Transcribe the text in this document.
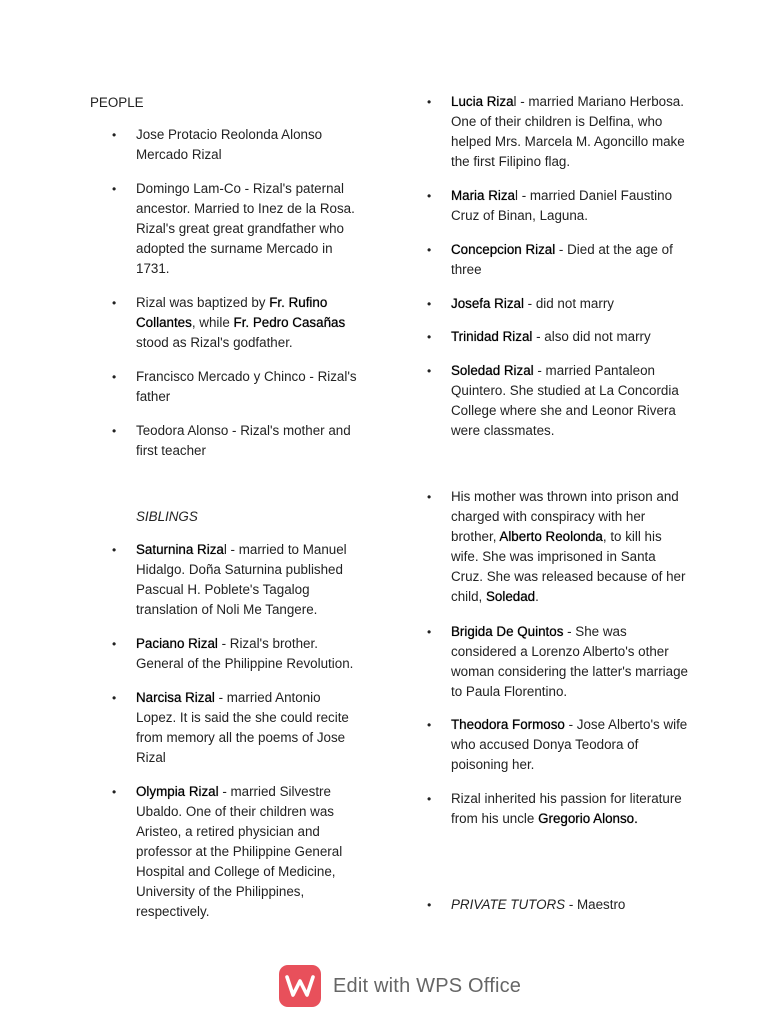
PEOPLE
• Jose Protacio Reolonda Alonso Mercado Rizal
• Domingo Lam-Co - Rizal's paternal ancestor. Married to Inez de la Rosa. Rizal's great great grandfather who adopted the surname Mercado in 1731.
• Rizal was baptized by Fr. Rufino Collantes, while Fr. Pedro Casañas stood as Rizal's godfather.
• Francisco Mercado y Chinco - Rizal's father
• Teodora Alonso - Rizal's mother and first teacher
SIBLINGS
• Saturnina Rizal - married to Manuel Hidalgo. Doña Saturnina published Pascual H. Poblete's Tagalog translation of Noli Me Tangere.
• Paciano Rizal - Rizal's brother. General of the Philippine Revolution.
• Narcisa Rizal - married Antonio Lopez. It is said the she could recite from memory all the poems of Jose Rizal
• Olympia Rizal - married Silvestre Ubaldo. One of their children was Aristeo, a retired physician and professor at the Philippine General Hospital and College of Medicine, University of the Philippines, respectively.
• Lucia Rizal - married Mariano Herbosa. One of their children is Delfina, who helped Mrs. Marcela M. Agoncillo make the first Filipino flag.
• Maria Rizal - married Daniel Faustino Cruz of Binan, Laguna.
• Concepcion Rizal - Died at the age of three
• Josefa Rizal - did not marry
• Trinidad Rizal - also did not marry
• Soledad Rizal - married Pantaleon Quintero. She studied at La Concordia College where she and Leonor Rivera were classmates.
• His mother was thrown into prison and charged with conspiracy with her brother, Alberto Reolonda, to kill his wife. She was imprisoned in Santa Cruz. She was released because of her child, Soledad.
• Brigida De Quintos - She was considered a Lorenzo Alberto's other woman considering the latter's marriage to Paula Florentino.
• Theodora Formoso - Jose Alberto's wife who accused Donya Teodora of poisoning her.
• Rizal inherited his passion for literature from his uncle Gregorio Alonso.
• PRIVATE TUTORS - Maestro
Edit with WPS Office
